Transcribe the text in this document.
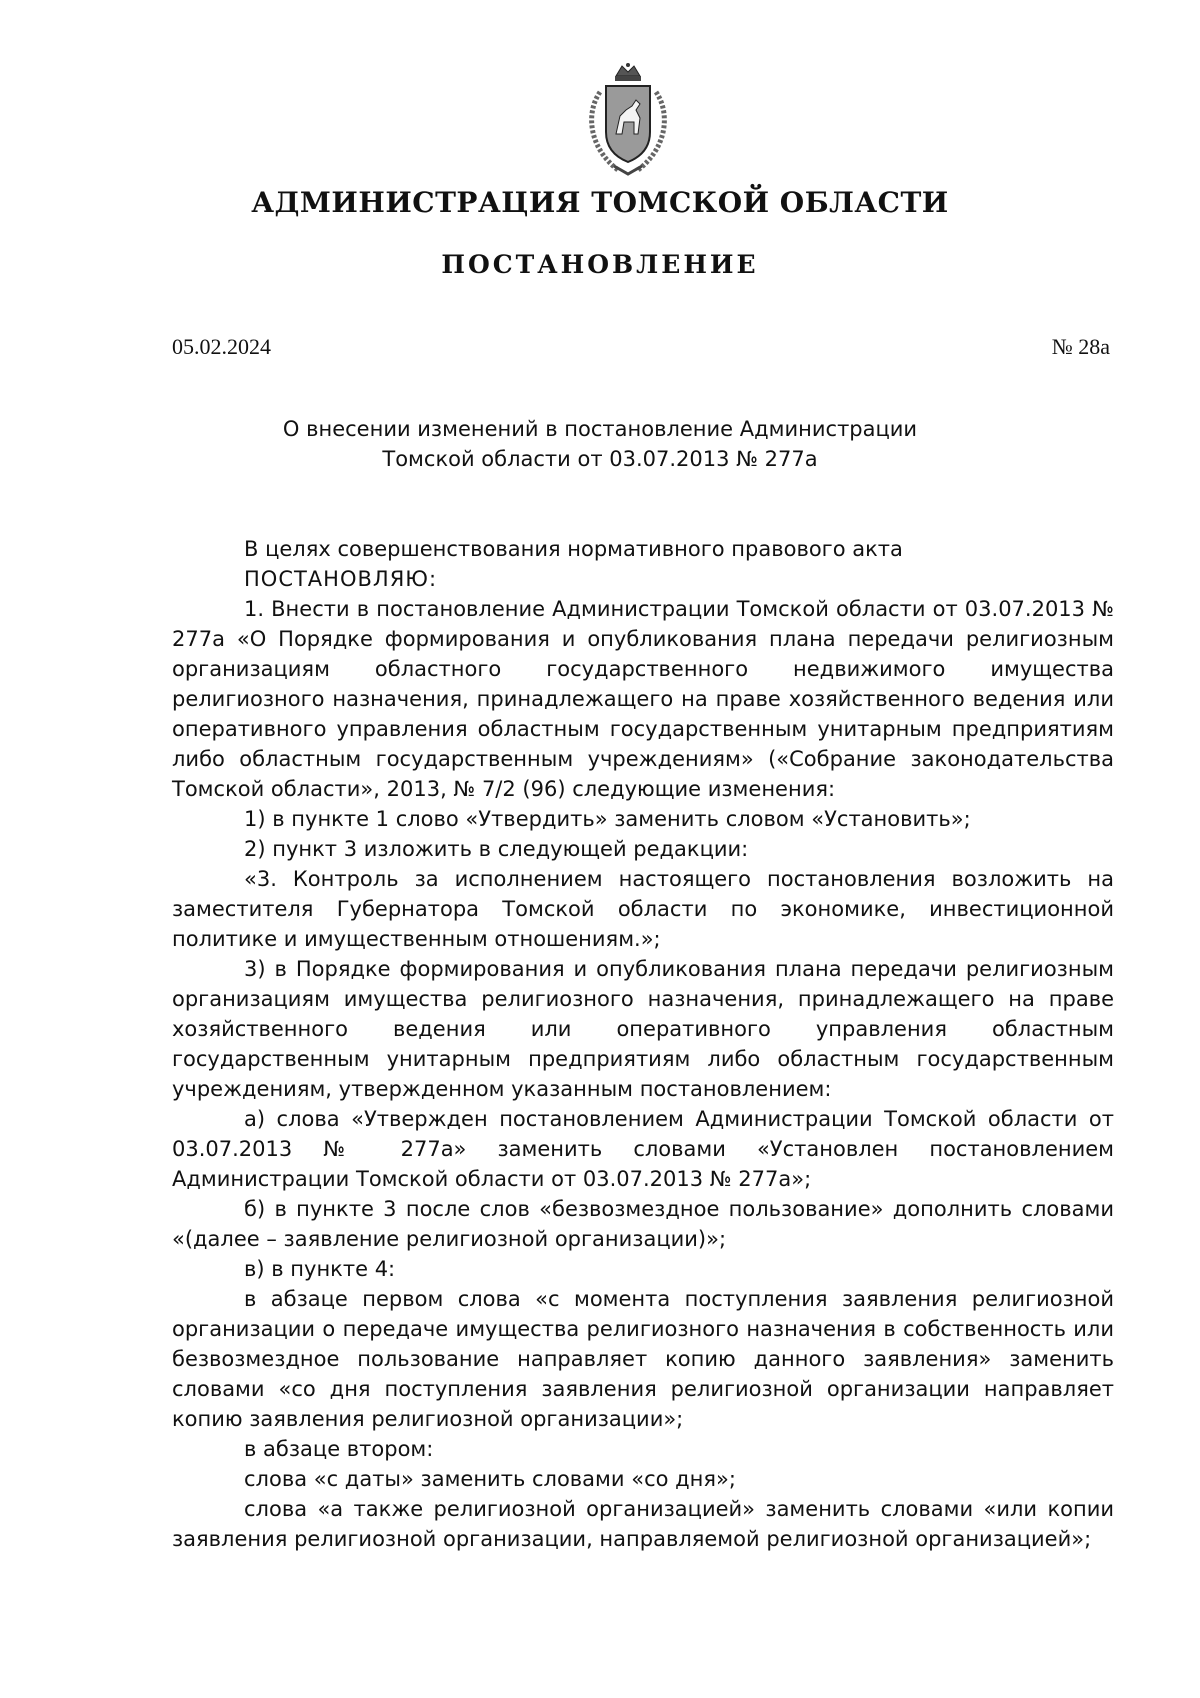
АДМИНИСТРАЦИЯ ТОМСКОЙ ОБЛАСТИ
ПОСТАНОВЛЕНИЕ
05.02.2024	№ 28а
О внесении изменений в постановление Администрации
Томской области от 03.07.2013 № 277а

В целях совершенствования нормативного правового акта

ПОСТАНОВЛЯЮ:

1. Внести в постановление Администрации Томской области от 03.07.2013 № 277а «О Порядке формирования и опубликования плана передачи религиозным организациям областного государственного недвижимого имущества религиозного назначения, принадлежащего на праве хозяйственного ведения или оперативного управления областным государственным унитарным предприятиям либо областным государственным учреждениям» («Собрание законодательства Томской области», 2013, № 7/2 (96) следующие изменения:

1) в пункте 1 слово «Утвердить» заменить словом «Установить»;

2) пункт 3 изложить в следующей редакции:

«3. Контроль за исполнением настоящего постановления возложить на заместителя Губернатора Томской области по экономике, инвестиционной политике и имущественным отношениям.»;

3) в Порядке формирования и опубликования плана передачи религиозным организациям имущества религиозного назначения, принадлежащего на праве хозяйственного ведения или оперативного управления областным государственным унитарным предприятиям либо областным государственным учреждениям, утвержденном указанным постановлением:

а) слова «Утвержден постановлением Администрации Томской области от 03.07.2013 № 277а» заменить словами «Установлен постановлением Администрации Томской области от 03.07.2013 № 277а»;

б) в пункте 3 после слов «безвозмездное пользование» дополнить словами «(далее – заявление религиозной организации)»;

в) в пункте 4:

в абзаце первом слова «с момента поступления заявления религиозной организации о передаче имущества религиозного назначения в собственность или безвозмездное пользование направляет копию данного заявления» заменить словами «со дня поступления заявления религиозной организации направляет копию заявления религиозной организации»;

в абзаце втором:

слова «с даты» заменить словами «со дня»;

слова «а также религиозной организацией» заменить словами «или копии заявления религиозной организации, направляемой религиозной организацией»;
